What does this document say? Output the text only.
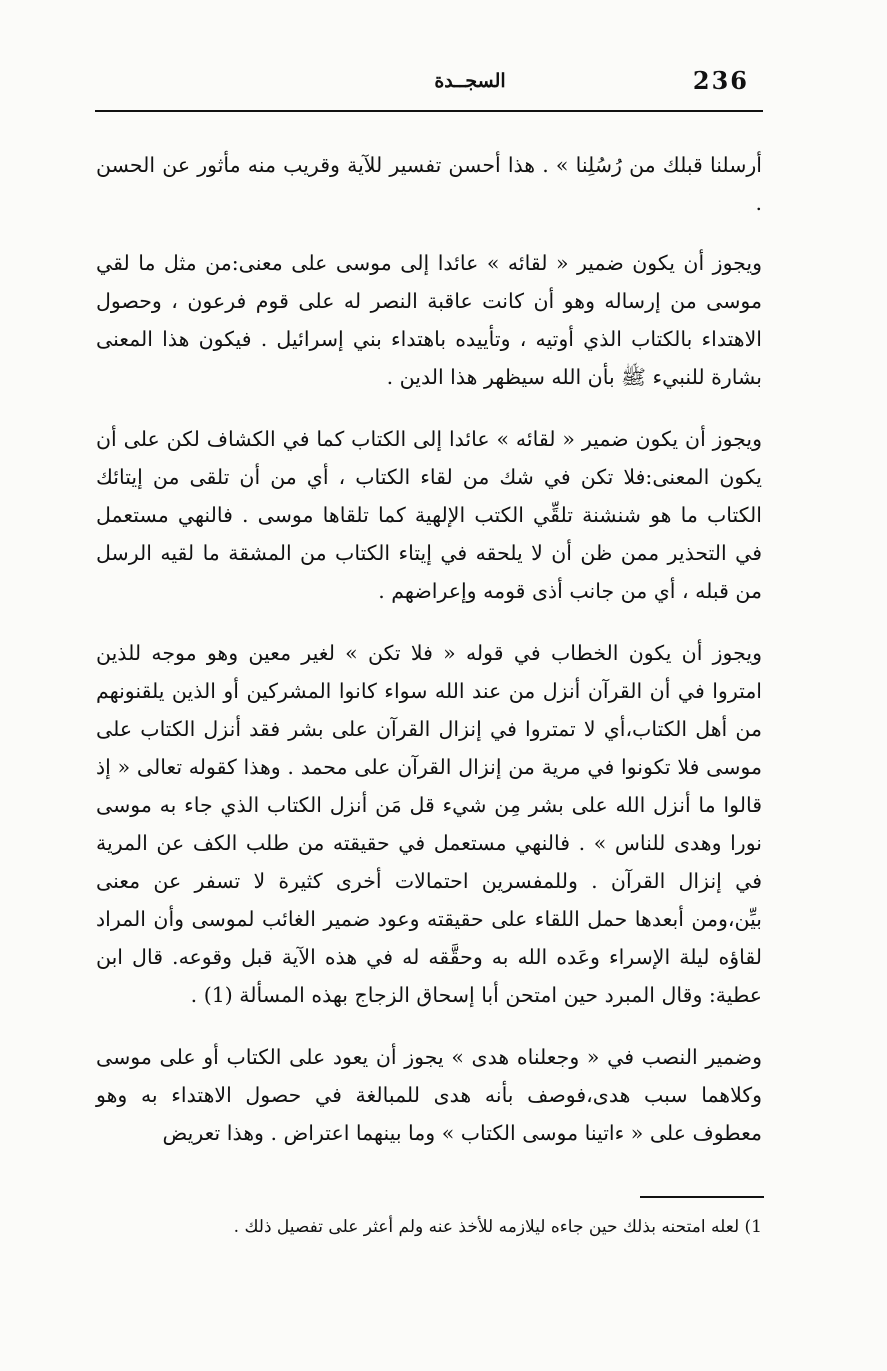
236
السجــدة

أرسلنا قبلك من رُسُلِنا » . هذا أحسن تفسير للآية وقريب منه مأثور عن الحسن .

ويجوز أن يكون ضمير « لقائه » عائدا إلى موسى على معنى:من مثل ما لقي موسى من إرساله وهو أن كانت عاقبة النصر له على قوم فرعون ، وحصول الاهتداء بالكتاب الذي أوتيه ، وتأييده باهتداء بني إسرائيل . فيكون هذا المعنى بشارة للنبيء ﷺ بأن الله سيظهر هذا الدين .

ويجوز أن يكون ضمير « لقائه » عائدا إلى الكتاب كما في الكشاف لكن على أن يكون المعنى:فلا تكن في شك من لقاء الكتاب ، أي من أن تلقى من إيتائك الكتاب ما هو شنشنة تلقِّي الكتب الإلهية كما تلقاها موسى . فالنهي مستعمل في التحذير ممن ظن أن لا يلحقه في إيتاء الكتاب من المشقة ما لقيه الرسل من قبله ، أي من جانب أذى قومه وإعراضهم .

ويجوز أن يكون الخطاب في قوله « فلا تكن » لغير معين وهو موجه للذين امتروا في أن القرآن أنزل من عند الله سواء كانوا المشركين أو الذين يلقنونهم من أهل الكتاب،أي لا تمتروا في إنزال القرآن على بشر فقد أنزل الكتاب على موسى فلا تكونوا في مرية من إنزال القرآن على محمد . وهذا كقوله تعالى « إذ قالوا ما أنزل الله على بشر مِن شيء قل مَن أنزل الكتاب الذي جاء به موسى نورا وهدى للناس » . فالنهي مستعمل في حقيقته من طلب الكف عن المرية في إنزال القرآن . وللمفسرين احتمالات أخرى كثيرة لا تسفر عن معنى بيِّن،ومن أبعدها حمل اللقاء على حقيقته وعود ضمير الغائب لموسى وأن المراد لقاؤه ليلة الإسراء وعَده الله به وحقَّقه له في هذه الآية قبل وقوعه. قال ابن عطية: وقال المبرد حين امتحن أبا إسحاق الزجاج بهذه المسألة (1) .

وضمير النصب في « وجعلناه هدى » يجوز أن يعود على الكتاب أو على موسى وكلاهما سبب هدى،فوصف بأنه هدى للمبالغة في حصول الاهتداء به وهو معطوف على « ءاتينا موسى الكتاب » وما بينهما اعتراض . وهذا تعريض

1) لعله امتحنه بذلك حين جاءه ليلازمه للأخذ عنه ولم أعثر على تفصيل ذلك .
